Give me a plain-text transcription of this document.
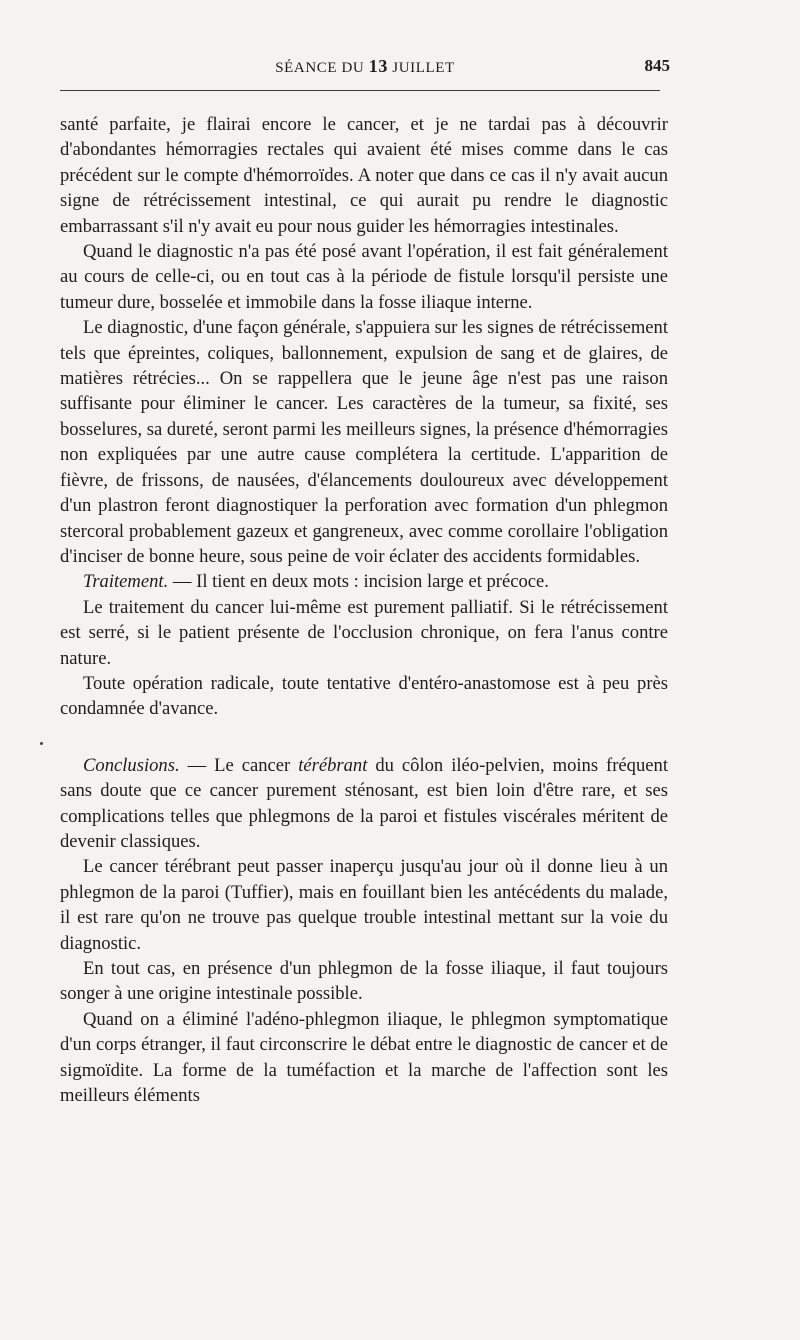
SÉANCE DU 13 JUILLET	845

santé parfaite, je flairai encore le cancer, et je ne tardai pas à découvrir d'abondantes hémorragies rectales qui avaient été mises comme dans le cas précédent sur le compte d'hémorroïdes. A noter que dans ce cas il n'y avait aucun signe de rétrécissement intestinal, ce qui aurait pu rendre le diagnostic embarrassant s'il n'y avait eu pour nous guider les hémorragies intestinales.

Quand le diagnostic n'a pas été posé avant l'opération, il est fait généralement au cours de celle-ci, ou en tout cas à la période de fistule lorsqu'il persiste une tumeur dure, bosselée et immobile dans la fosse iliaque interne.

Le diagnostic, d'une façon générale, s'appuiera sur les signes de rétrécissement tels que épreintes, coliques, ballonnement, expulsion de sang et de glaires, de matières rétrécies... On se rappellera que le jeune âge n'est pas une raison suffisante pour éliminer le cancer. Les caractères de la tumeur, sa fixité, ses bosselures, sa dureté, seront parmi les meilleurs signes, la présence d'hémorragies non expliquées par une autre cause complétera la certitude. L'apparition de fièvre, de frissons, de nausées, d'élancements douloureux avec développement d'un plastron feront diagnostiquer la perforation avec formation d'un phlegmon stercoral probablement gazeux et gangreneux, avec comme corollaire l'obligation d'inciser de bonne heure, sous peine de voir éclater des accidents formidables.

Traitement. — Il tient en deux mots : incision large et précoce.

Le traitement du cancer lui-même est purement palliatif. Si le rétrécissement est serré, si le patient présente de l'occlusion chronique, on fera l'anus contre nature.

Toute opération radicale, toute tentative d'entéro-anastomose est à peu près condamnée d'avance.

Conclusions. — Le cancer térébrant du côlon iléo-pelvien, moins fréquent sans doute que ce cancer purement sténosant, est bien loin d'être rare, et ses complications telles que phlegmons de la paroi et fistules viscérales méritent de devenir classiques.

Le cancer térébrant peut passer inaperçu jusqu'au jour où il donne lieu à un phlegmon de la paroi (Tuffier), mais en fouillant bien les antécédents du malade, il est rare qu'on ne trouve pas quelque trouble intestinal mettant sur la voie du diagnostic.

En tout cas, en présence d'un phlegmon de la fosse iliaque, il faut toujours songer à une origine intestinale possible.

Quand on a éliminé l'adéno-phlegmon iliaque, le phlegmon symptomatique d'un corps étranger, il faut circonscrire le débat entre le diagnostic de cancer et de sigmoïdite. La forme de la tuméfaction et la marche de l'affection sont les meilleurs éléments
